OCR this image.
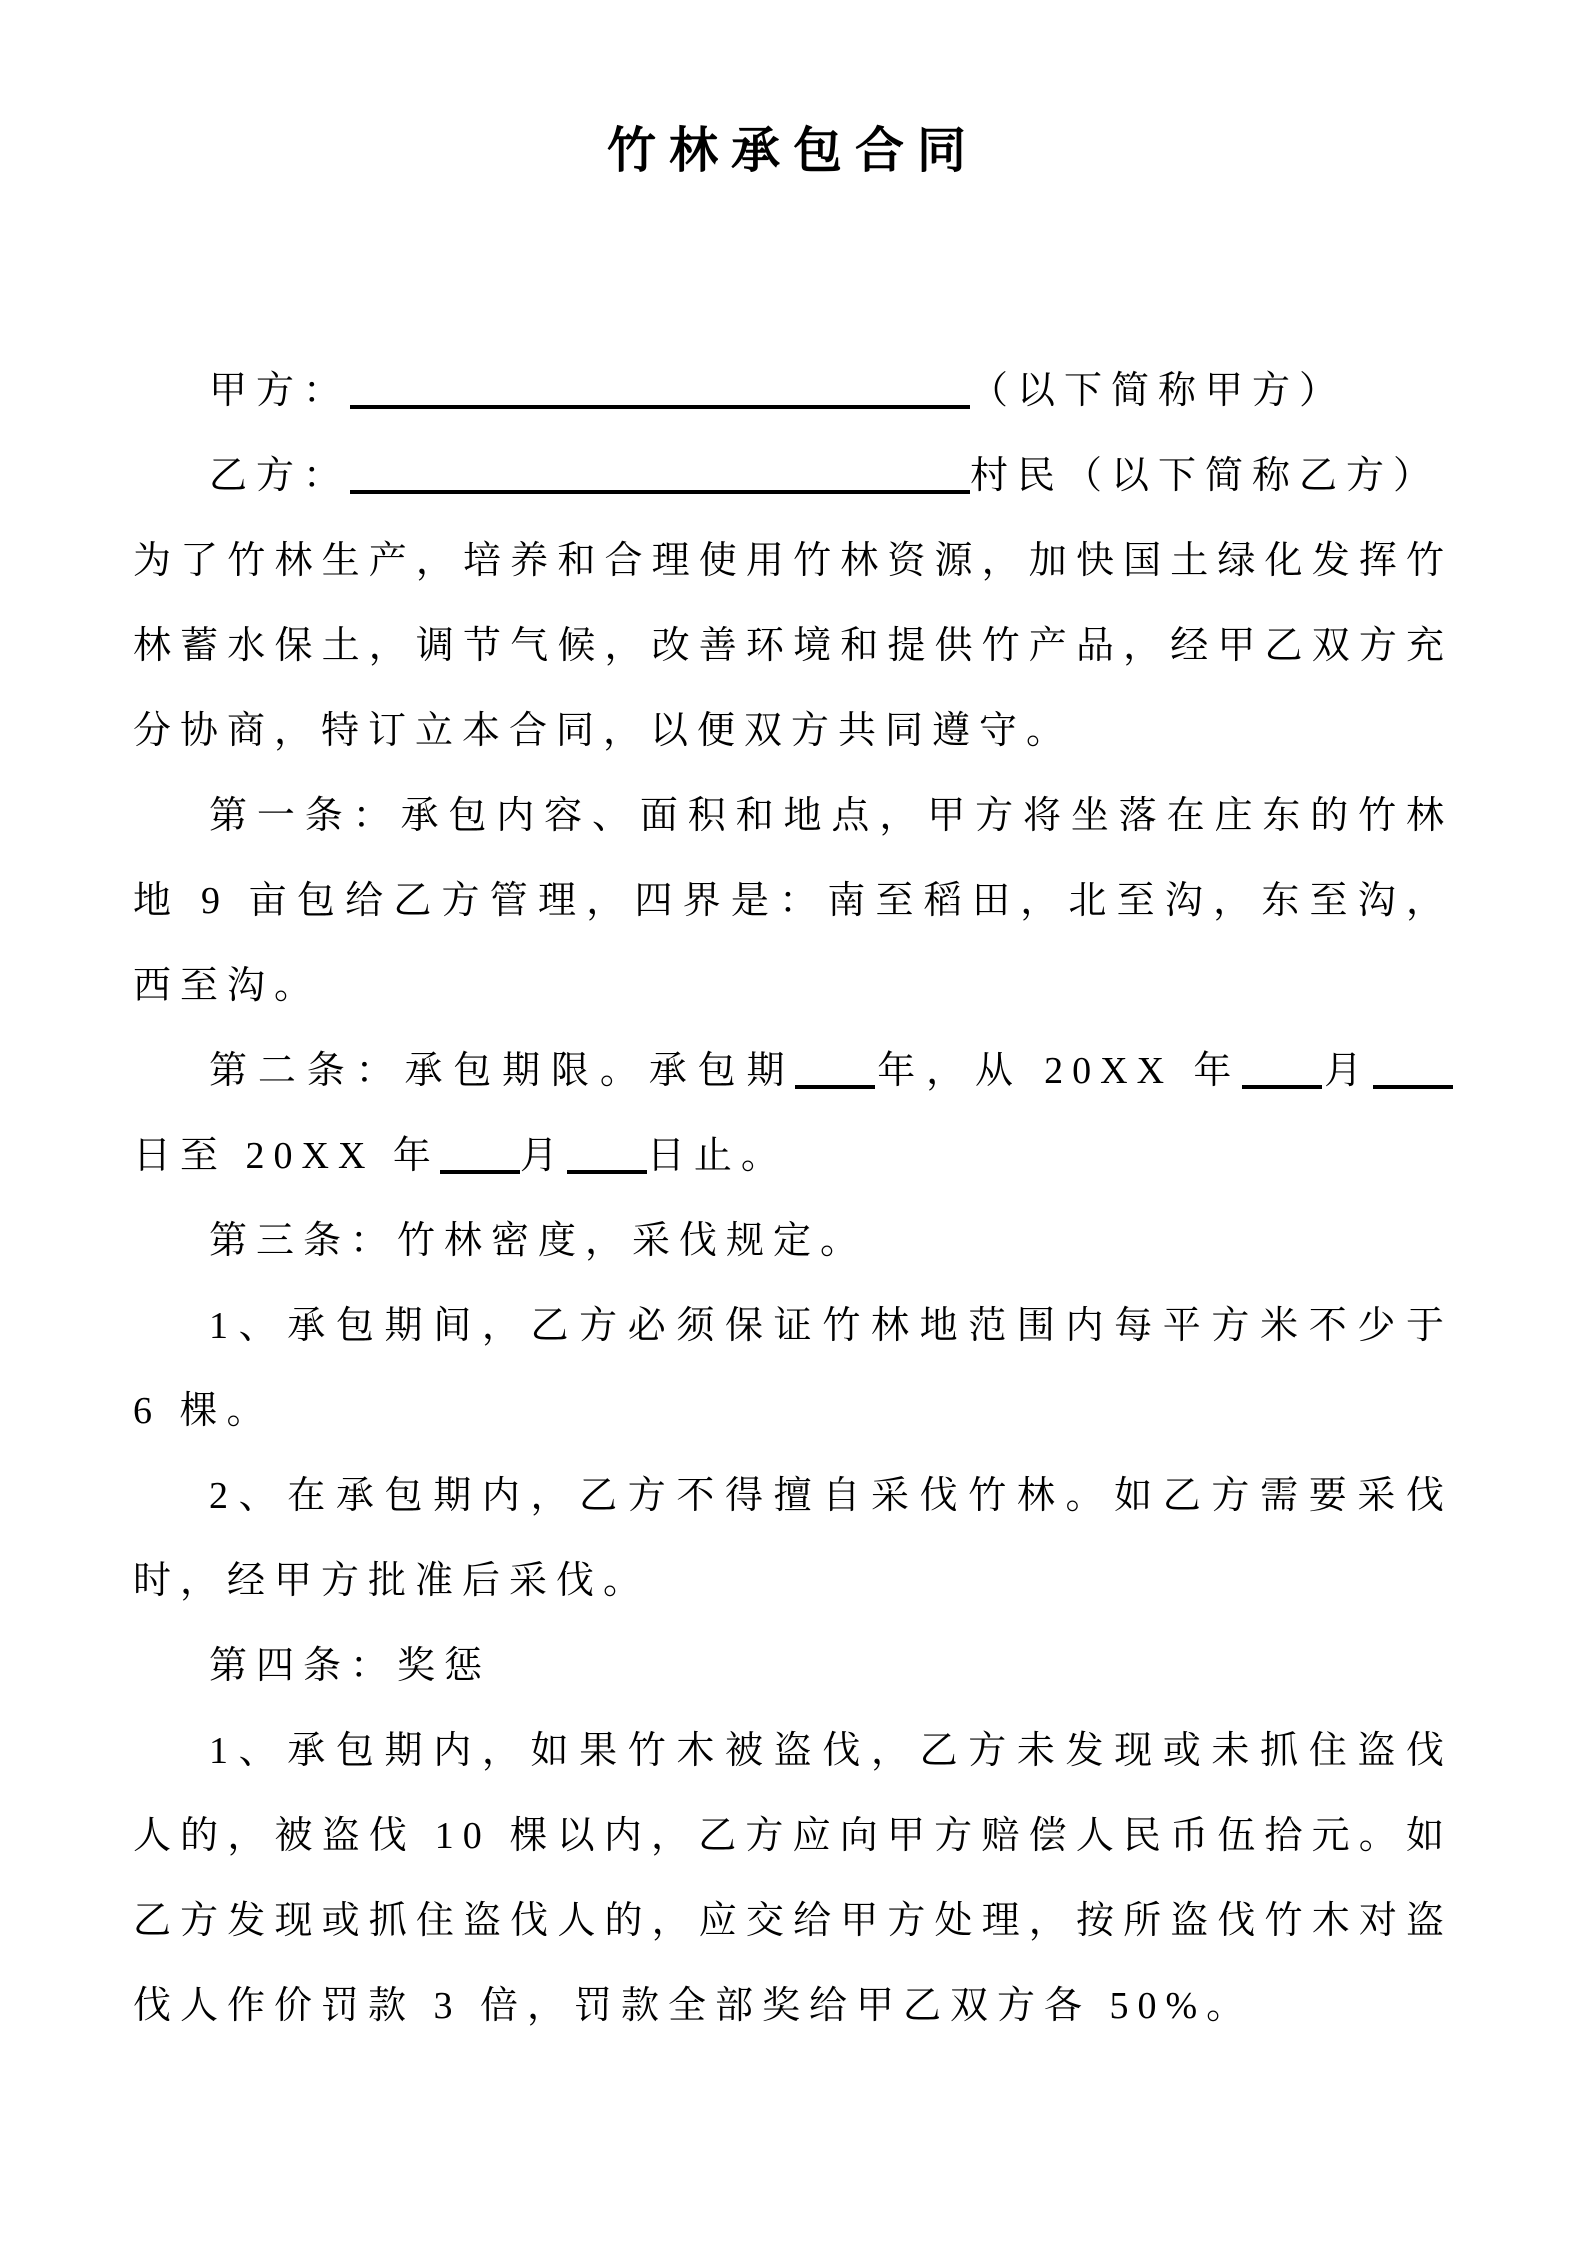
竹林承包合同

甲方：	（以下简称甲方）

乙方：	村民（以下简称乙方）

为了竹林生产，培养和合理使用竹林资源，加快国土绿化发挥竹林蓄水保土，调节气候，改善环境和提供竹产品，经甲乙双方充分协商，特订立本合同，以便双方共同遵守。

第一条：承包内容、面积和地点，甲方将坐落在庄东的竹林地 9 亩包给乙方管理，四界是：南至稻田，北至沟，东至沟，西至沟。

第二条：承包期限。承包期 年，从 20XX 年 月日至 20XX 年 月 日止。

第三条：竹林密度，采伐规定。

1、承包期间，乙方必须保证竹林地范围内每平方米不少于 6 棵。

2、在承包期内，乙方不得擅自采伐竹林。如乙方需要采伐时，经甲方批准后采伐。

第四条：奖惩

1、承包期内，如果竹木被盗伐，乙方未发现或未抓住盗伐人的，被盗伐 10 棵以内，乙方应向甲方赔偿人民币伍拾元。如乙方发现或抓住盗伐人的，应交给甲方处理，按所盗伐竹木对盗伐人作价罚款 3 倍，罚款全部奖给甲乙双方各 50%。
